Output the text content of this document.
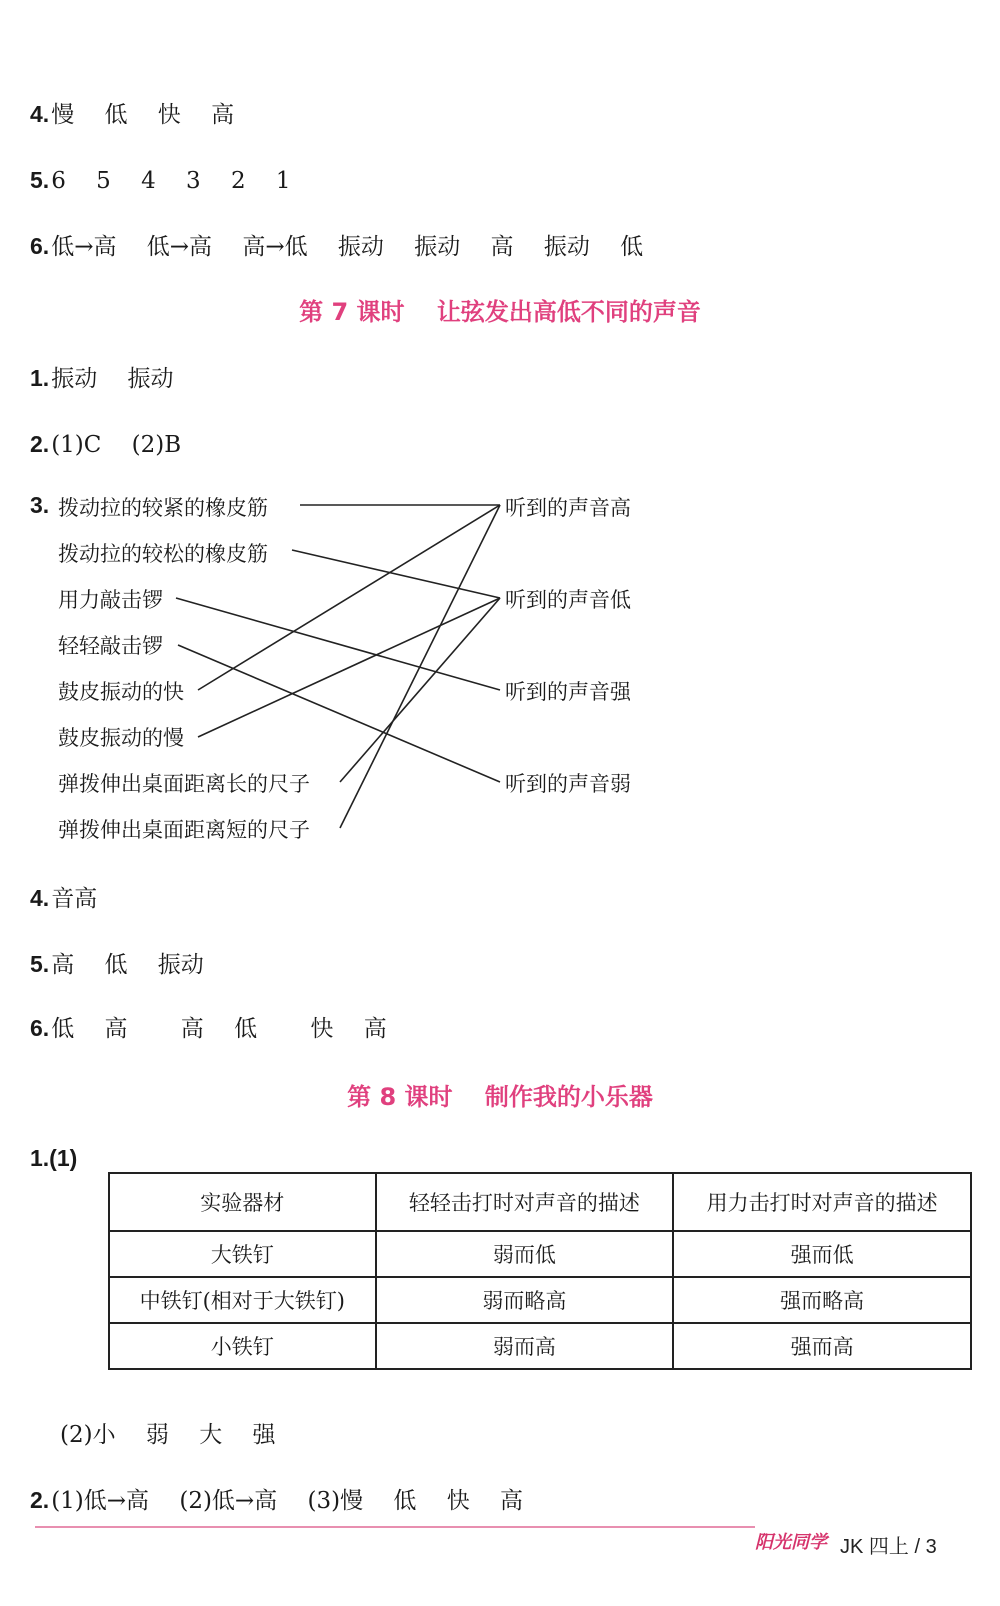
4.慢　 低　 快　 高
5.6　 5　 4　 3　 2　 1
6.低→高　 低→高　 高→低　 振动　 振动　 高　 振动　 低
第 7 课时　 让弦发出高低不同的声音
1.振动　 振动
2.(1)C　 (2)B
3. 拨动拉的较紧的橡皮筋
拨动拉的较松的橡皮筋
用力敲击锣
轻轻敲击锣
鼓皮振动的快
鼓皮振动的慢
弹拨伸出桌面距离长的尺子
弹拨伸出桌面距离短的尺子
听到的声音高
听到的声音低
听到的声音强
听到的声音弱
4.音高
5.高　 低　 振动
6.低　 高　　 高　 低　　 快　 高
第 8 课时　 制作我的小乐器
1.(1)
实验器材	轻轻击打时对声音的描述	用力击打时对声音的描述
大铁钉	弱而低	强而低
中铁钉(相对于大铁钉)	弱而略高	强而略高
小铁钉	弱而高	强而高
(2)小　 弱　 大　 强
2.(1)低→高　 (2)低→高　 (3)慢　 低　 快　 高
阳光同学 JK 四上 / 3
